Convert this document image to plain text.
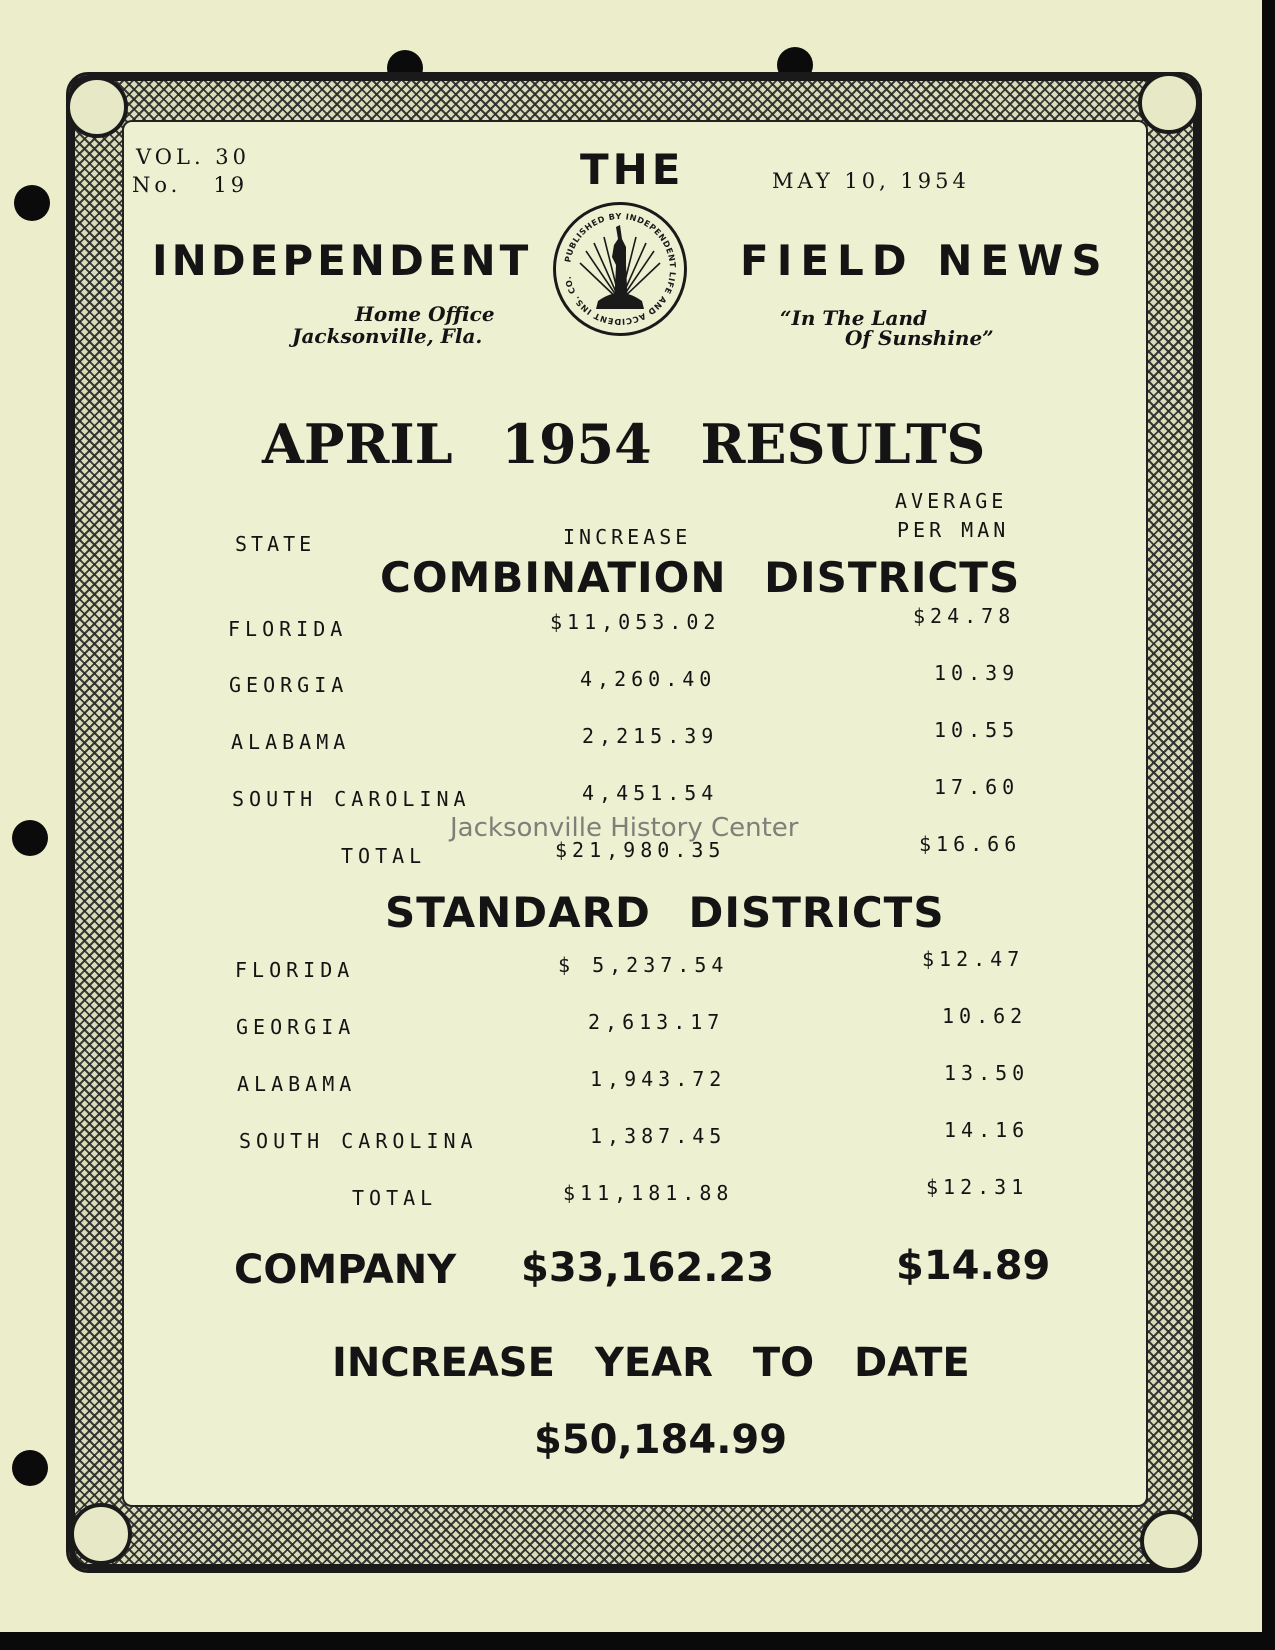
VOL. 30
No.   19	MAY 10, 1954
THE
INDEPENDENT	FIELD NEWS
Home Office
Jacksonville, Fla.
“In The Land
Of Sunshine”
PUBLISHED BY INDEPENDENT LIFE AND ACCIDENT INS. CO.
APRIL 1954 RESULTS
STATE	INCREASE
AVERAGE
PER MAN
COMBINATION DISTRICTS
FLORIDA	$11,053.02	$24.78
GEORGIA	4,260.40	10.39
ALABAMA	2,215.39	10.55
SOUTH CAROLINA	4,451.54	17.60
TOTAL	$21,980.35	$16.66
Jacksonville History Center
STANDARD DISTRICTS
FLORIDA	$ 5,237.54	$12.47
GEORGIA	2,613.17	10.62
ALABAMA	1,943.72	13.50
SOUTH CAROLINA	1,387.45	14.16
TOTAL	$11,181.88	$12.31
COMPANY $33,162.23	$14.89
INCREASE YEAR TO DATE
$50,184.99
